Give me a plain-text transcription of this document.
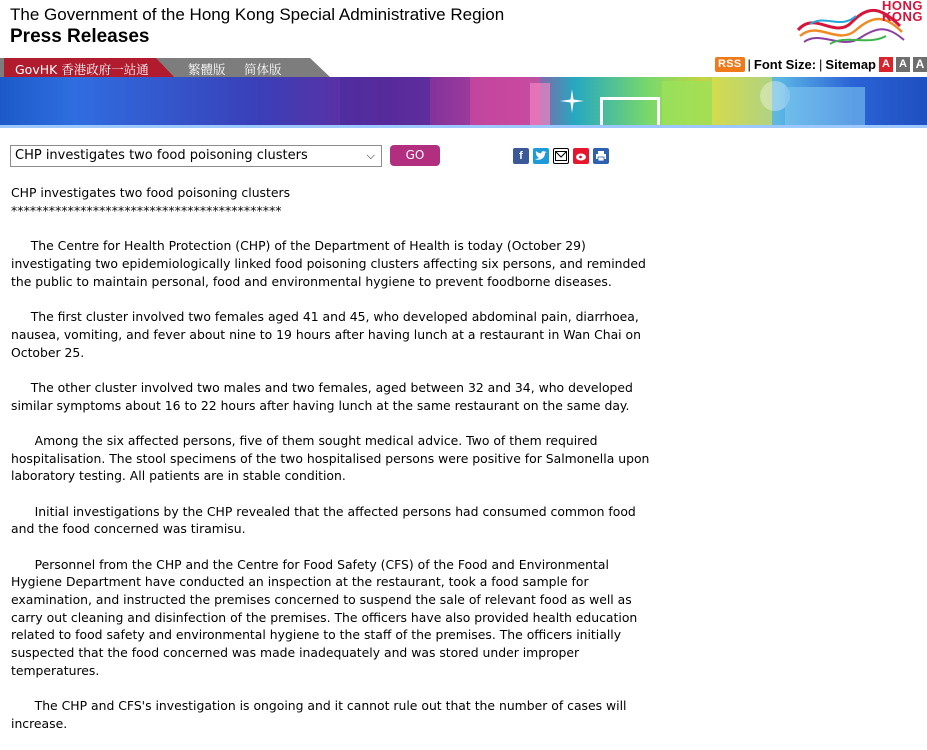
The Government of the Hong Kong Special Administrative Region
Press Releases
HONG
KONG
GovHK 香港政府一站通	繁體版 简体版	RSS | Font Size: | Sitemap A A A
CHP investigates two food poisoning clusters	⌵	GO	f
CHP investigates two food poisoning clusters
*******************************************

The Centre for Health Protection (CHP) of the Department of Health is today (October 29) investigating two epidemiologically linked food poisoning clusters affecting six persons, and reminded the public to maintain personal, food and environmental hygiene to prevent foodborne diseases.

The first cluster involved two females aged 41 and 45, who developed abdominal pain, diarrhoea, nausea, vomiting, and fever about nine to 19 hours after having lunch at a restaurant in Wan Chai on October 25.

The other cluster involved two males and two females, aged between 32 and 34, who developed similar symptoms about 16 to 22 hours after having lunch at the same restaurant on the same day.

Among the six affected persons, five of them sought medical advice. Two of them required hospitalisation. The stool specimens of the two hospitalised persons were positive for Salmonella upon laboratory testing. All patients are in stable condition.

Initial investigations by the CHP revealed that the affected persons had consumed common food and the food concerned was tiramisu.

Personnel from the CHP and the Centre for Food Safety (CFS) of the Food and Environmental Hygiene Department have conducted an inspection at the restaurant, took a food sample for examination, and instructed the premises concerned to suspend the sale of relevant food as well as carry out cleaning and disinfection of the premises. The officers have also provided health education related to food safety and environmental hygiene to the staff of the premises. The officers initially suspected that the food concerned was made inadequately and was stored under improper temperatures.

The CHP and CFS's investigation is ongoing and it cannot rule out that the number of cases will increase.
